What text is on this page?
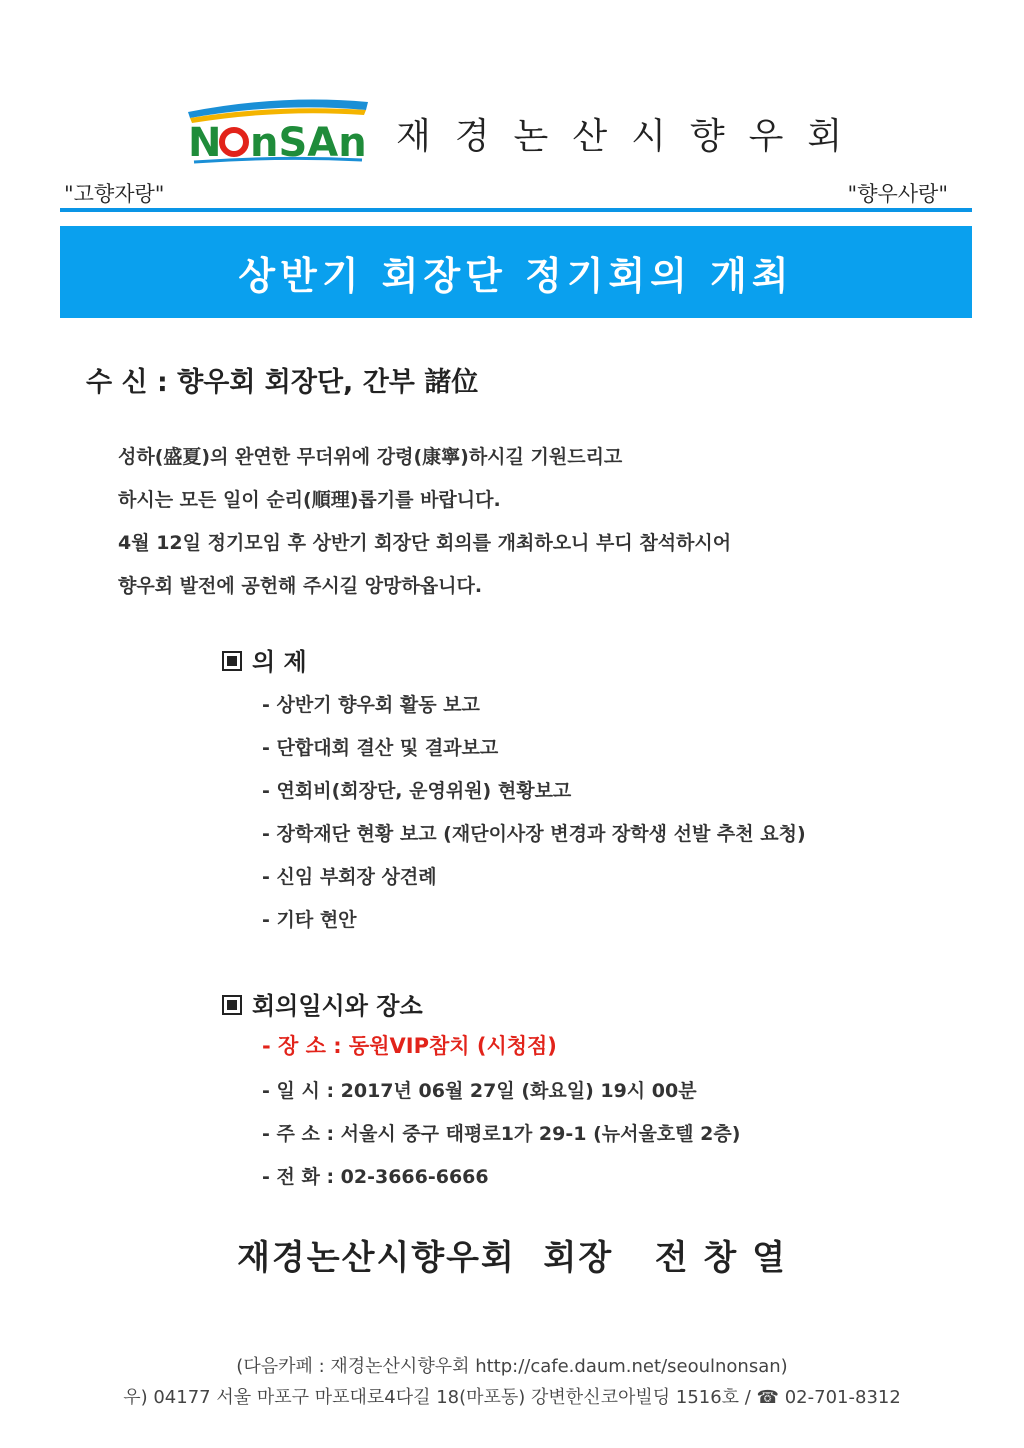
N nSAn 재경논산시향우회
"고향자랑"	"향우사랑"
상반기 회장단 정기회의 개최
수 신 : 향우회 회장단, 간부 諸位
성하(盛夏)의 완연한 무더위에 강령(康寧)하시길 기원드리고
하시는 모든 일이 순리(順理)롭기를 바랍니다.
4월 12일 정기모임 후 상반기 회장단 회의를 개최하오니 부디 참석하시어
향우회 발전에 공헌해 주시길 앙망하옵니다.
의 제
- 상반기 향우회 활동 보고
- 단합대회 결산 및 결과보고
- 연회비(회장단, 운영위원) 현황보고
- 장학재단 현황 보고 (재단이사장 변경과 장학생 선발 추천 요청)
- 신임 부회장 상견례
- 기타 현안
회의일시와 장소
- 장 소 : 동원VIP참치 (시청점)
- 일 시 : 2017년 06월 27일 (화요일) 19시 00분
- 주 소 : 서울시 중구 태평로1가 29-1 (뉴서울호텔 2층)
- 전 화 : 02-3666-6666
재경논산시향우회  회장   전 창 열
(다음카페 : 재경논산시향우회 http://cafe.daum.net/seoulnonsan)
우) 04177 서울 마포구 마포대로4다길 18(마포동) 강변한신코아빌딩 1516호 / ☎ 02-701-8312
